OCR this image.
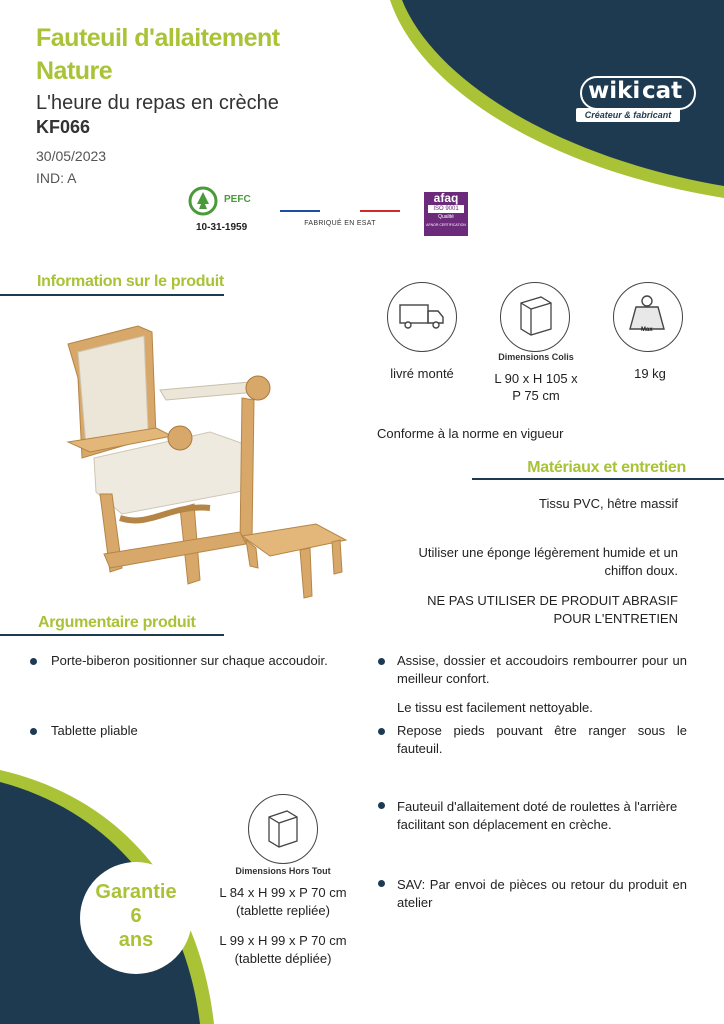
wiki cat
Créateur & fabricant
Fauteuil d'allaitement
Nature
L'heure du repas en crèche
KF066
30/05/2023
IND: A
PEFC
10-31-1959	FABRIQUÉ EN ESAT
afaq
ISO 9001
Qualité
AFNOR CERTIFICATION
Information sur le produit
livré monté
Dimensions Colis
L 90 x H 105 x
P 75 cm
Max
19 kg
Conforme à la norme en vigueur
Matériaux et entretien
Tissu PVC, hêtre massif
Utiliser une éponge légèrement humide et un
chiffon doux.
NE PAS UTILISER DE PRODUIT ABRASIF
POUR L'ENTRETIEN
Argumentaire produit
Porte-biberon positionner sur chaque accoudoir.
Tablette pliable
Assise, dossier et accoudoirs rembourrer pour un meilleur confort.
Le tissu est facilement nettoyable.
Repose pieds pouvant être ranger sous le fauteuil.
Fauteuil d'allaitement doté de roulettes à l'arrière facilitant son déplacement en crèche.
SAV: Par envoi de pièces ou retour du produit en atelier
Garantie
6
ans
Dimensions Hors Tout
L 84 x H 99 x P 70 cm
(tablette repliée)
L 99 x H 99 x P 70 cm
(tablette dépliée)
